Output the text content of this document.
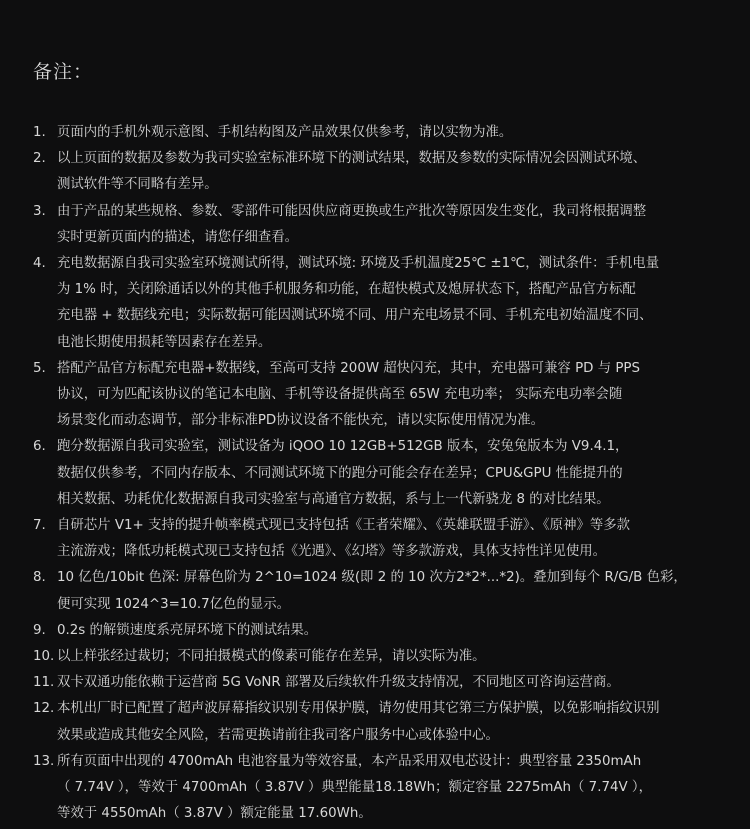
备注：
1. 页面内的手机外观示意图、手机结构图及产品效果仅供参考，请以实物为准。
2. 以上页面的数据及参数为我司实验室标准环境下的测试结果，数据及参数的实际情况会因测试环境、
测试软件等不同略有差异。
3. 由于产品的某些规格、参数、零部件可能因供应商更换或生产批次等原因发生变化，我司将根据调整
实时更新页面内的描述，请您仔细查看。
4. 充电数据源自我司实验室环境测试所得，测试环境: 环境及手机温度25℃ ±1℃，测试条件：手机电量
为 1% 时，关闭除通话以外的其他手机服务和功能，在超快模式及熄屏状态下，搭配产品官方标配
充电器 + 数据线充电；实际数据可能因测试环境不同、用户充电场景不同、手机充电初始温度不同、
电池长期使用损耗等因素存在差异。
5. 搭配产品官方标配充电器+数据线，至高可支持 200W 超快闪充，其中，充电器可兼容 PD 与 PPS
协议，可为匹配该协议的笔记本电脑、手机等设备提供高至 65W 充电功率； 实际充电功率会随
场景变化而动态调节，部分非标准PD协议设备不能快充，请以实际使用情况为准。
6. 跑分数据源自我司实验室，测试设备为 iQOO 10 12GB+512GB 版本，安兔兔版本为 V9.4.1，
数据仅供参考，不同内存版本、不同测试环境下的跑分可能会存在差异；CPU&GPU 性能提升的
相关数据、功耗优化数据源自我司实验室与高通官方数据，系与上一代新骁龙 8 的对比结果。
7. 自研芯片 V1+ 支持的提升帧率模式现已支持包括《王者荣耀》、《英雄联盟手游》、《原神》等多款
主流游戏；降低功耗模式现已支持包括《光遇》、《幻塔》等多款游戏，具体支持性详见使用。
8. 10 亿色/10bit 色深: 屏幕色阶为 2^10=1024 级(即 2 的 10 次方2*2*...*2)。叠加到每个 R/G/B 色彩，
便可实现 1024^3=10.7亿色的显示。
9. 0.2s 的解锁速度系亮屏环境下的测试结果。
10. 以上样张经过裁切；不同拍摄模式的像素可能存在差异，请以实际为准。
11. 双卡双通功能依赖于运营商 5G VoNR 部署及后续软件升级支持情况，不同地区可咨询运营商。
12. 本机出厂时已配置了超声波屏幕指纹识别专用保护膜，请勿使用其它第三方保护膜，以免影响指纹识别
效果或造成其他安全风险，若需更换请前往我司客户服务中心或体验中心。
13. 所有页面中出现的 4700mAh 电池容量为等效容量，本产品采用双电芯设计：典型容量 2350mAh
（ 7.74V ），等效于 4700mAh（ 3.87V ）典型能量18.18Wh；额定容量 2275mAh（ 7.74V ），
等效于 4550mAh（ 3.87V ）额定能量 17.60Wh。
